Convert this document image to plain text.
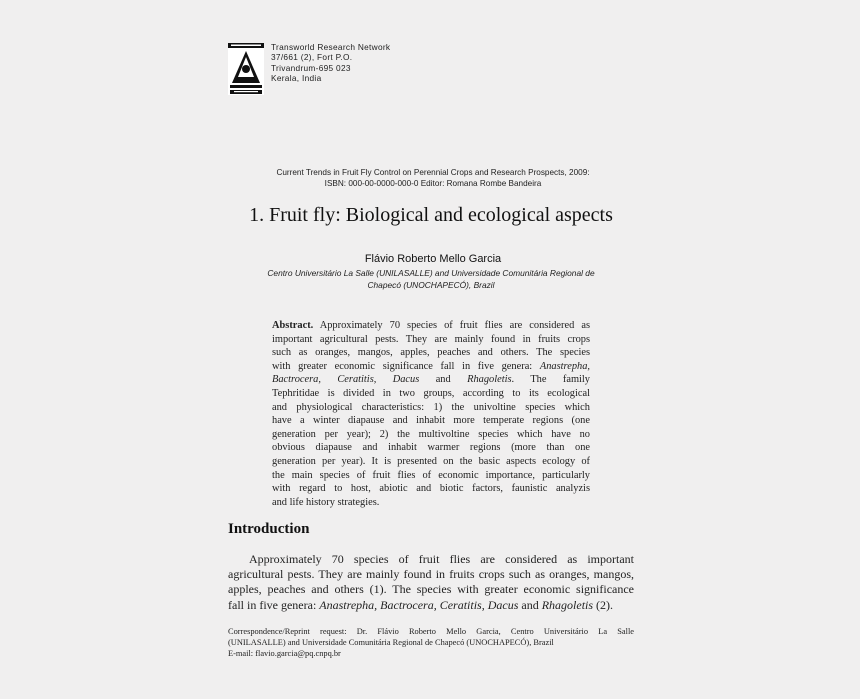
Transworld Research Network
37/661 (2), Fort P.O.
Trivandrum-695 023
Kerala, India
Current Trends in Fruit Fly Control on Perennial Crops and Research Prospects, 2009:
ISBN: 000-00-0000-000-0 Editor: Romana Rombe Bandeira
1. Fruit fly: Biological and ecological aspects
Flávio Roberto Mello Garcia
Centro Universitário La Salle (UNILASALLE) and Universidade Comunitária Regional de
Chapecó (UNOCHAPECÓ), Brazil
Abstract. Approximately 70 species of fruit flies are considered as
important agricultural pests. They are mainly found in fruits crops
such as oranges, mangos, apples, peaches and others. The species
with greater economic significance fall in five genera: Anastrepha,
Bactrocera, Ceratitis, Dacus and Rhagoletis. The family
Tephritidae is divided in two groups, according to its ecological
and physiological characteristics: 1) the univoltine species which
have a winter diapause and inhabit more temperate regions (one
generation per year); 2) the multivoltine species which have no
obvious diapause and inhabit warmer regions (more than one
generation per year). It is presented on the basic aspects ecology of
the main species of fruit flies of economic importance, particularly
with regard to host, abiotic and biotic factors, faunistic analyzis
and life history strategies.
Introduction
Approximately 70 species of fruit flies are considered as important
agricultural pests. They are mainly found in fruits crops such as oranges, mangos,
apples, peaches and others (1). The species with greater economic significance
fall in five genera: Anastrepha, Bactrocera, Ceratitis, Dacus and Rhagoletis (2).
Correspondence/Reprint request: Dr. Flávio Roberto Mello Garcia, Centro Universitário La Salle
(UNILASALLE) and Universidade Comunitária Regional de Chapecó (UNOCHAPECÓ), Brazil
E-mail: flavio.garcia@pq.cnpq.br
